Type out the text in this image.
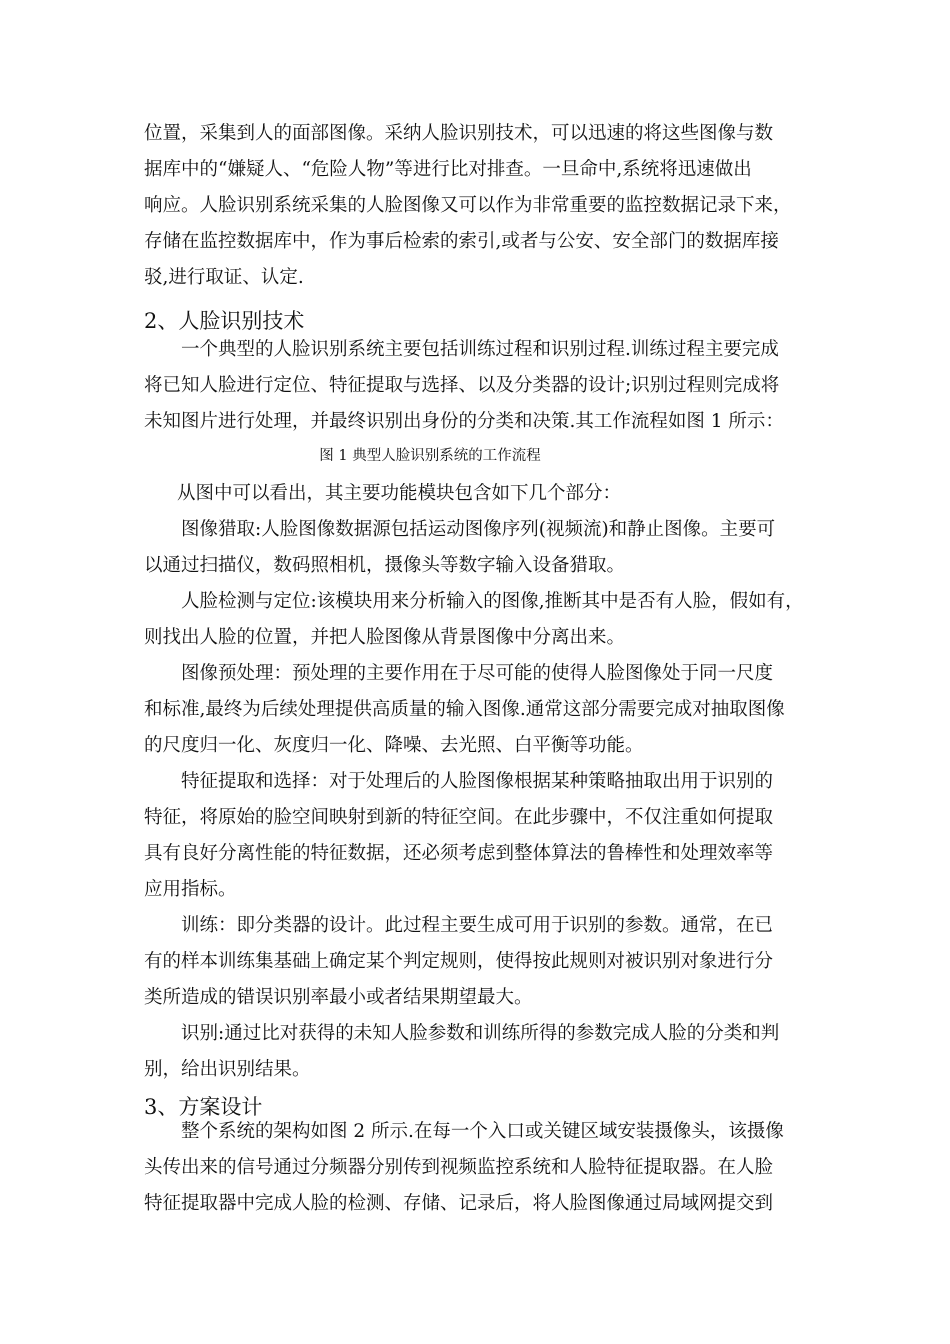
位置，采集到人的面部图像。采纳人脸识别技术，可以迅速的将这些图像与数
据库中的“嫌疑人、“危险人物”等进行比对排查。一旦命中,系统将迅速做出
响应。人脸识别系统采集的人脸图像又可以作为非常重要的监控数据记录下来，
存储在监控数据库中，作为事后检索的索引,或者与公安、安全部门的数据库接
驳,进行取证、认定.
2、人脸识别技术
一个典型的人脸识别系统主要包括训练过程和识别过程.训练过程主要完成
将已知人脸进行定位、特征提取与选择、以及分类器的设计;识别过程则完成将
未知图片进行处理，并最终识别出身份的分类和决策.其工作流程如图 1 所示：
图 1 典型人脸识别系统的工作流程
从图中可以看出，其主要功能模块包含如下几个部分：
图像猎取:人脸图像数据源包括运动图像序列(视频流)和静止图像。主要可
以通过扫描仪，数码照相机，摄像头等数字输入设备猎取。
人脸检测与定位:该模块用来分析输入的图像,推断其中是否有人脸，假如有，
则找出人脸的位置，并把人脸图像从背景图像中分离出来。
图像预处理：预处理的主要作用在于尽可能的使得人脸图像处于同一尺度
和标准,最终为后续处理提供高质量的输入图像.通常这部分需要完成对抽取图像
的尺度归一化、灰度归一化、降噪、去光照、白平衡等功能。
特征提取和选择：对于处理后的人脸图像根据某种策略抽取出用于识别的
特征，将原始的脸空间映射到新的特征空间。在此步骤中，不仅注重如何提取
具有良好分离性能的特征数据，还必须考虑到整体算法的鲁棒性和处理效率等
应用指标。
训练：即分类器的设计。此过程主要生成可用于识别的参数。通常，在已
有的样本训练集基础上确定某个判定规则，使得按此规则对被识别对象进行分
类所造成的错误识别率最小或者结果期望最大。
识别:通过比对获得的未知人脸参数和训练所得的参数完成人脸的分类和判
别，给出识别结果。
3、方案设计
整个系统的架构如图 2 所示.在每一个入口或关键区域安装摄像头，该摄像
头传出来的信号通过分频器分别传到视频监控系统和人脸特征提取器。在人脸
特征提取器中完成人脸的检测、存储、记录后，将人脸图像通过局域网提交到
